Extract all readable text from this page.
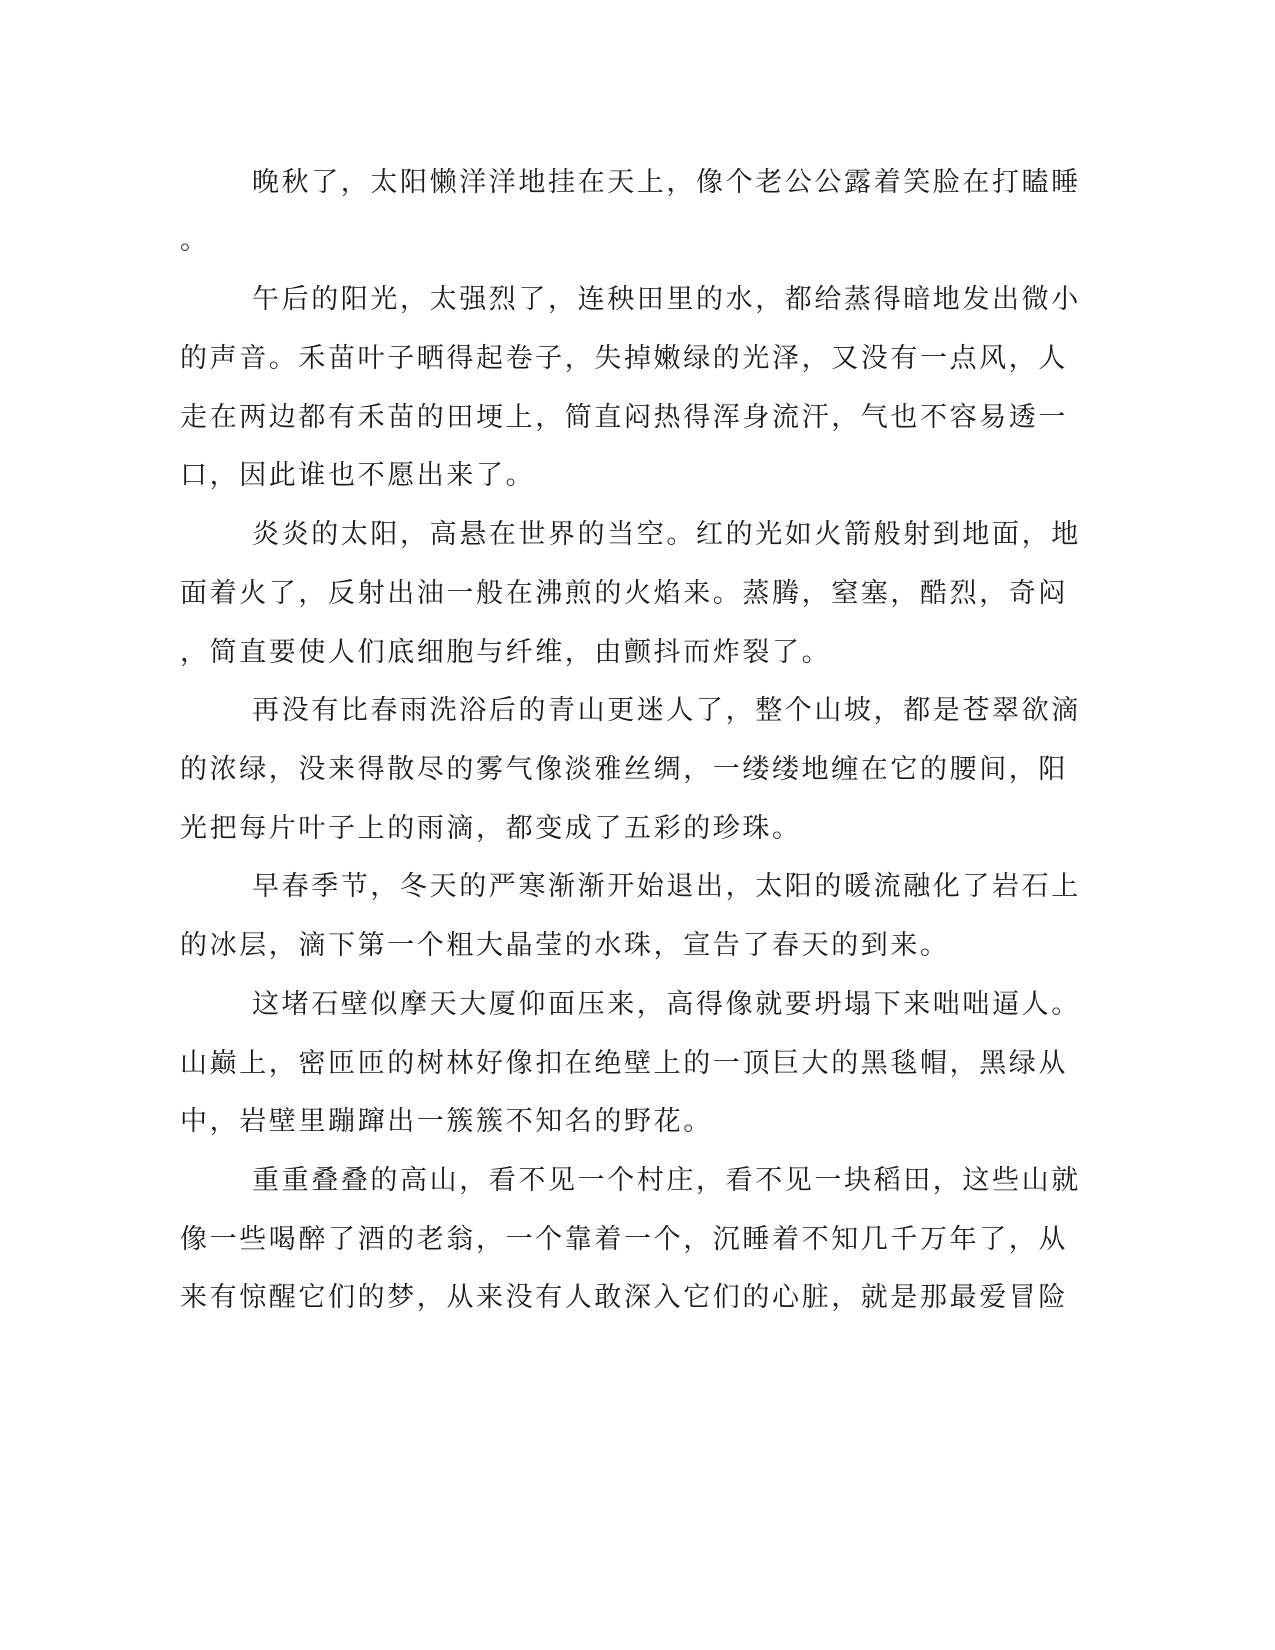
晚秋了，太阳懒洋洋地挂在天上，像个老公公露着笑脸在打瞌睡
。
午后的阳光，太强烈了，连秧田里的水，都给蒸得暗地发出微小
的声音。禾苗叶子晒得起卷子，失掉嫩绿的光泽，又没有一点风，人
走在两边都有禾苗的田埂上，简直闷热得浑身流汗，气也不容易透一
口，因此谁也不愿出来了。
炎炎的太阳，高悬在世界的当空。红的光如火箭般射到地面，地
面着火了，反射出油一般在沸煎的火焰来。蒸腾，窒塞，酷烈，奇闷
，简直要使人们底细胞与纤维，由颤抖而炸裂了。
再没有比春雨洗浴后的青山更迷人了，整个山坡，都是苍翠欲滴
的浓绿，没来得散尽的雾气像淡雅丝绸，一缕缕地缠在它的腰间，阳
光把每片叶子上的雨滴，都变成了五彩的珍珠。
早春季节，冬天的严寒渐渐开始退出，太阳的暖流融化了岩石上
的冰层，滴下第一个粗大晶莹的水珠，宣告了春天的到来。
这堵石壁似摩天大厦仰面压来，高得像就要坍塌下来咄咄逼人。
山巅上，密匝匝的树林好像扣在绝壁上的一顶巨大的黑毯帽，黑绿从
中，岩壁里蹦蹿出一簇簇不知名的野花。
重重叠叠的高山，看不见一个村庄，看不见一块稻田，这些山就
像一些喝醉了酒的老翁，一个靠着一个，沉睡着不知几千万年了，从
来有惊醒它们的梦，从来没有人敢深入它们的心脏，就是那最爱冒险
